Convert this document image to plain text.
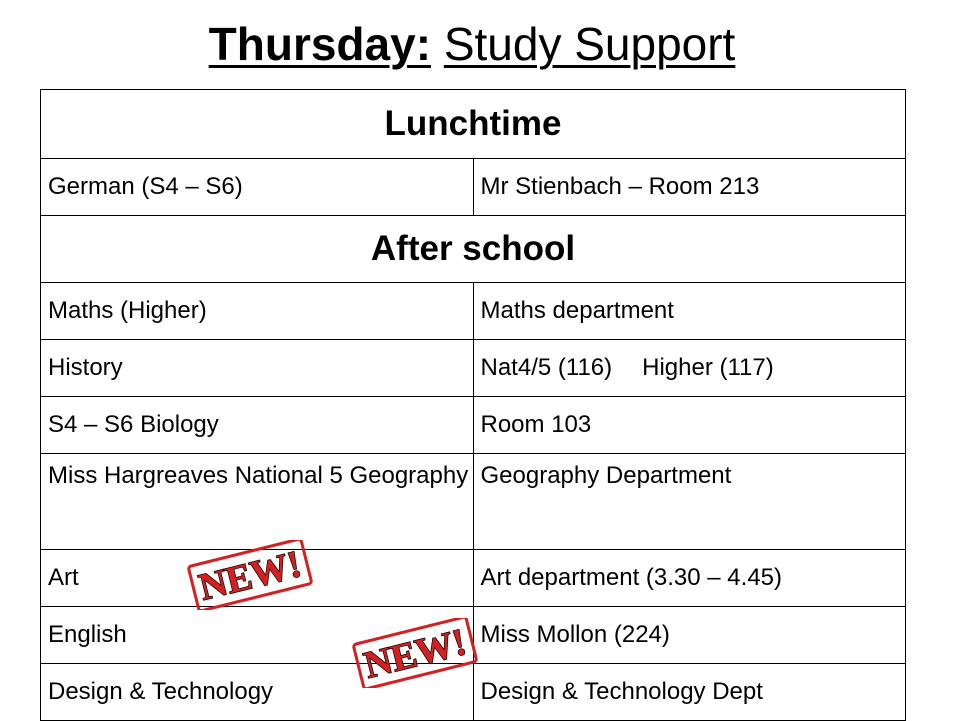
Thursday: Study Support
Lunchtime	
German (S4 – S6)	Mr Stienbach – Room 213
After school	
Maths (Higher)	Maths department
History	Nat4/5 (116) Higher (117)
S4 – S6 Biology	Room 103
Miss Hargreaves National 5 Geography	Geography Department
Art	Art department (3.30 – 4.45)
English	Miss Mollon (224)
Design & Technology	Design & Technology Dept
NEW!
NEW!
